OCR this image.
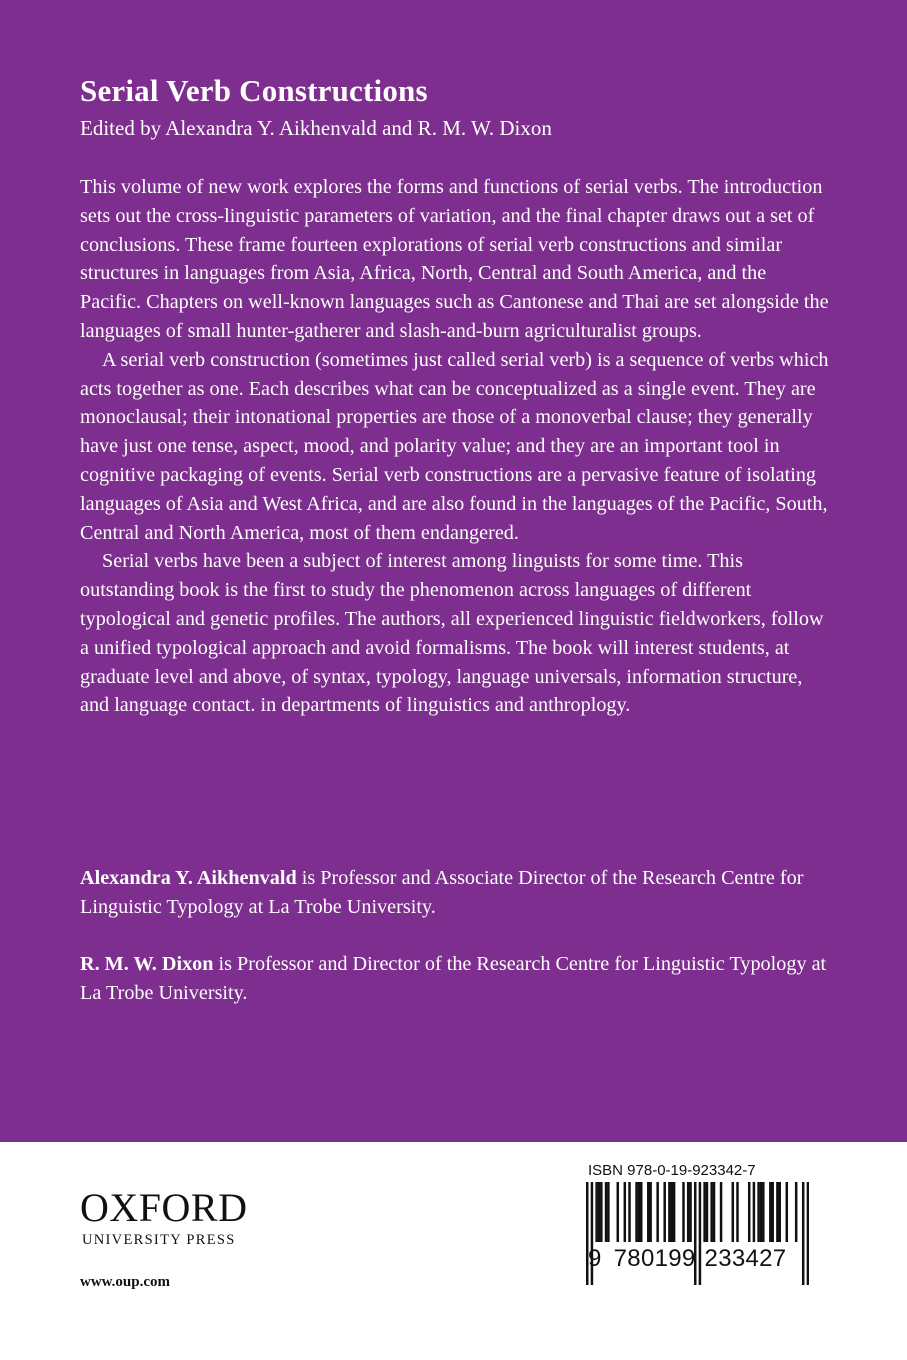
Serial Verb Constructions
Edited by Alexandra Y. Aikhenvald and R. M. W. Dixon

This volume of new work explores the forms and functions of serial verbs. The introduction sets out the cross-linguistic parameters of variation, and the final chapter draws out a set of conclusions. These frame fourteen explorations of serial verb constructions and similar structures in languages from Asia, Africa, North, Central and South America, and the Pacific. Chapters on well-known languages such as Cantonese and Thai are set alongside the languages of small hunter-gatherer and slash-and-burn agriculturalist groups.

A serial verb construction (sometimes just called serial verb) is a sequence of verbs which acts together as one. Each describes what can be conceptualized as a single event. They are monoclausal; their intonational properties are those of a monoverbal clause; they generally have just one tense, aspect, mood, and polarity value; and they are an important tool in cognitive packaging of events. Serial verb constructions are a pervasive feature of isolating languages of Asia and West Africa, and are also found in the languages of the Pacific, South, Central and North America, most of them endangered.

Serial verbs have been a subject of interest among linguists for some time. This outstanding book is the first to study the phenomenon across languages of different typological and genetic profiles. The authors, all experienced linguistic fieldworkers, follow a unified typological approach and avoid formalisms. The book will interest students, at graduate level and above, of syntax, typology, language universals, information structure, and language contact. in departments of linguistics and anthroplogy.

Alexandra Y. Aikhenvald is Professor and Associate Director of the Research Centre for Linguistic Typology at La Trobe University.

R. M. W. Dixon is Professor and Director of the Research Centre for Linguistic Typology at La Trobe University.

OXFORD
UNIVERSITY PRESS
www.oup.com
ISBN 978-0-19-923342-7
9 780199 233427
